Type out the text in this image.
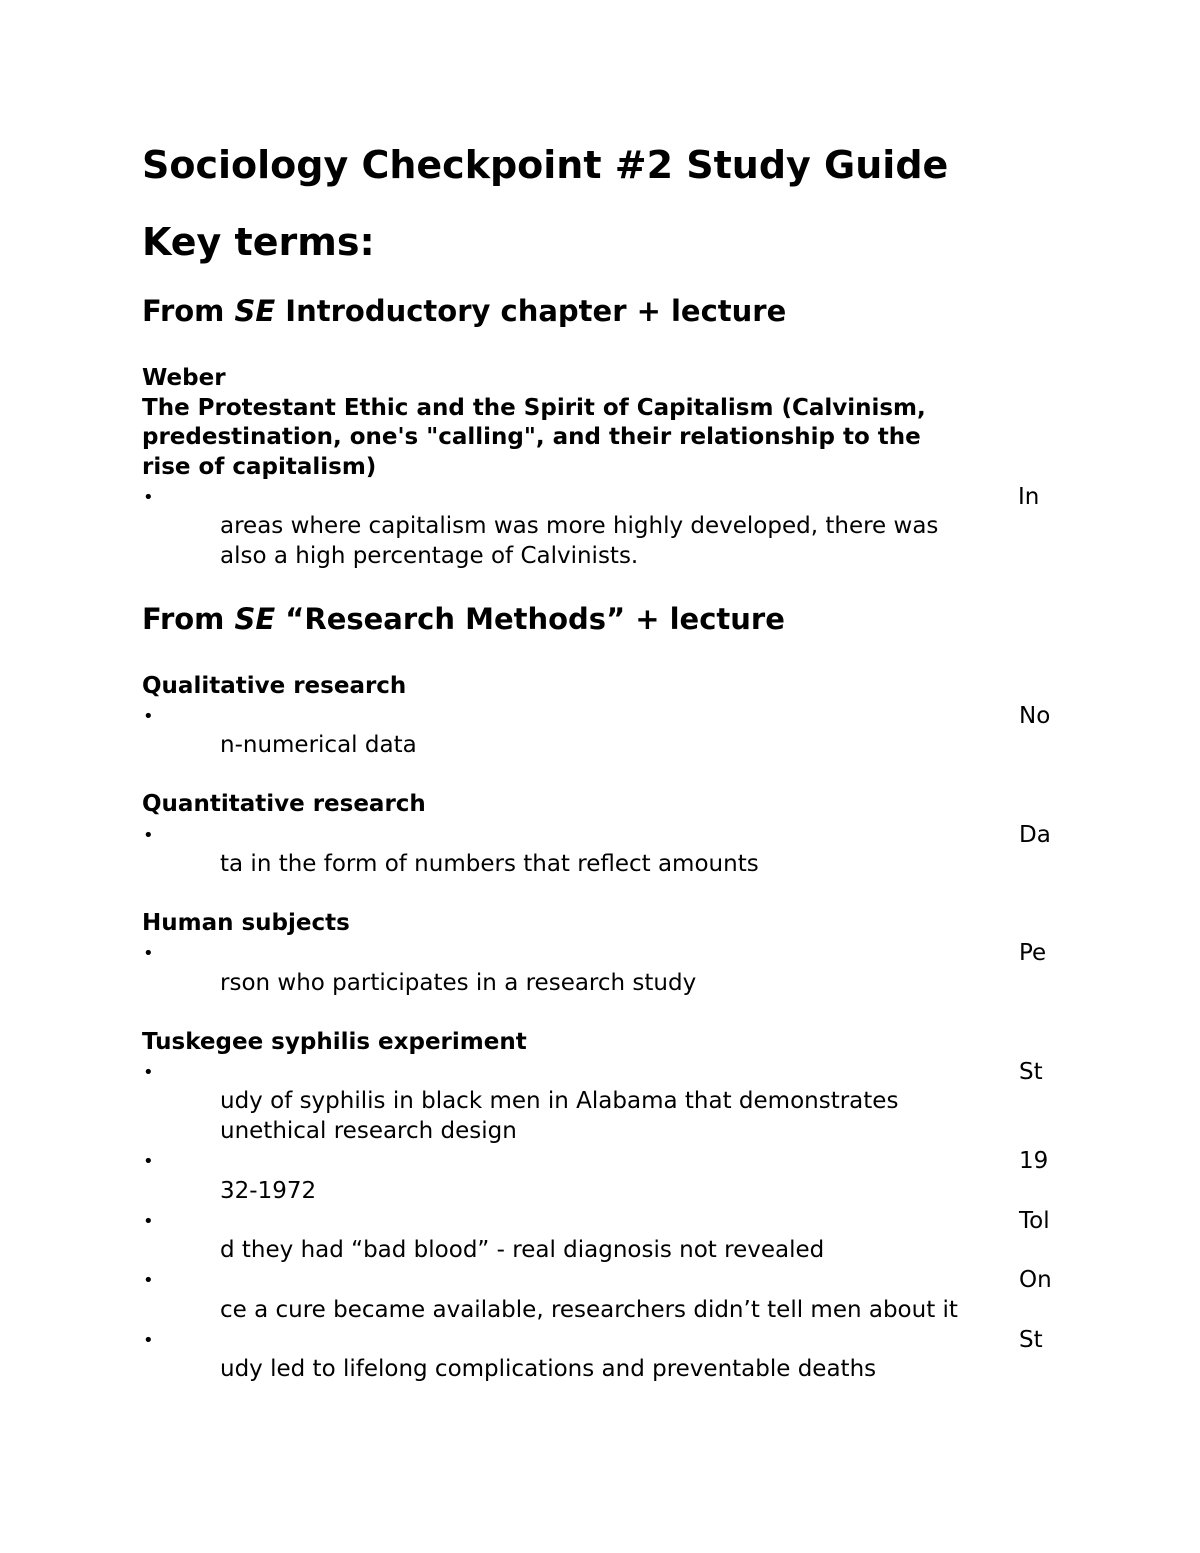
Sociology Checkpoint #2 Study Guide
Key terms:
From SE Introductory chapter + lecture
Weber
The Protestant Ethic and the Spirit of Capitalism (Calvinism,
predestination, one's "calling", and their relationship to the
rise of capitalism)
•	In
areas where capitalism was more highly developed, there was
also a high percentage of Calvinists.
From SE “Research Methods” + lecture
Qualitative research
•	No
n-numerical data
Quantitative research
•	Da
ta in the form of numbers that reflect amounts
Human subjects
•	Pe
rson who participates in a research study
Tuskegee syphilis experiment
•	St
udy of syphilis in black men in Alabama that demonstrates
unethical research design
•	19
32-1972
•	Tol
d they had “bad blood” - real diagnosis not revealed
•	On
ce a cure became available, researchers didn’t tell men about it
•	St
udy led to lifelong complications and preventable deaths
